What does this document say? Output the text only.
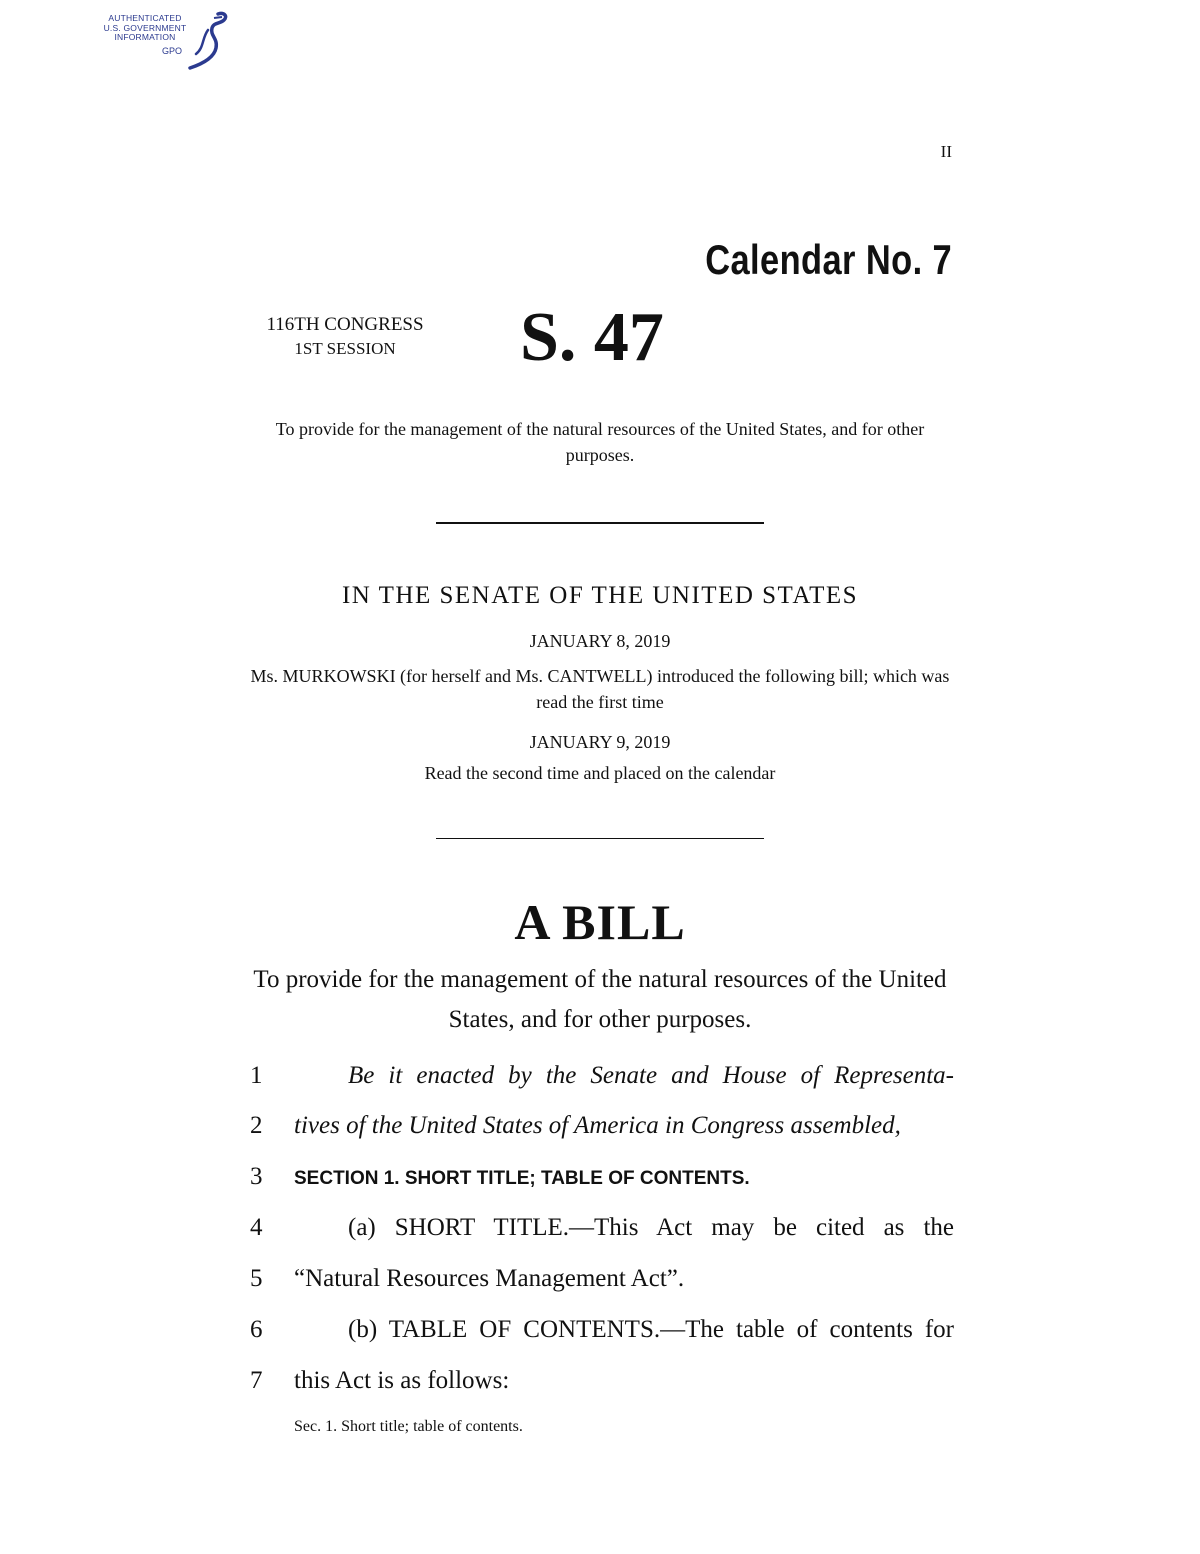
AUTHENTICATED
U.S. GOVERNMENT
INFORMATION
GPO
II
Calendar No. 7
116TH CONGRESS
1ST SESSION	S. 47
To provide for the management of the natural resources of the United States, and for other purposes.
IN THE SENATE OF THE UNITED STATES
JANUARY 8, 2019
Ms. MURKOWSKI (for herself and Ms. CANTWELL) introduced the following bill; which was read the first time
JANUARY 9, 2019
Read the second time and placed on the calendar
A BILL
To provide for the management of the natural resources of the United States, and for other purposes.
1	Be it enacted by the Senate and House of Representa-
2	tives of the United States of America in Congress assembled,
3	SECTION 1. SHORT TITLE; TABLE OF CONTENTS.
4	(a) SHORT TITLE.—This Act may be cited as the
5	“Natural Resources Management Act”.
6	(b) TABLE OF CONTENTS.—The table of contents for
7	this Act is as follows:
Sec. 1. Short title; table of contents.
